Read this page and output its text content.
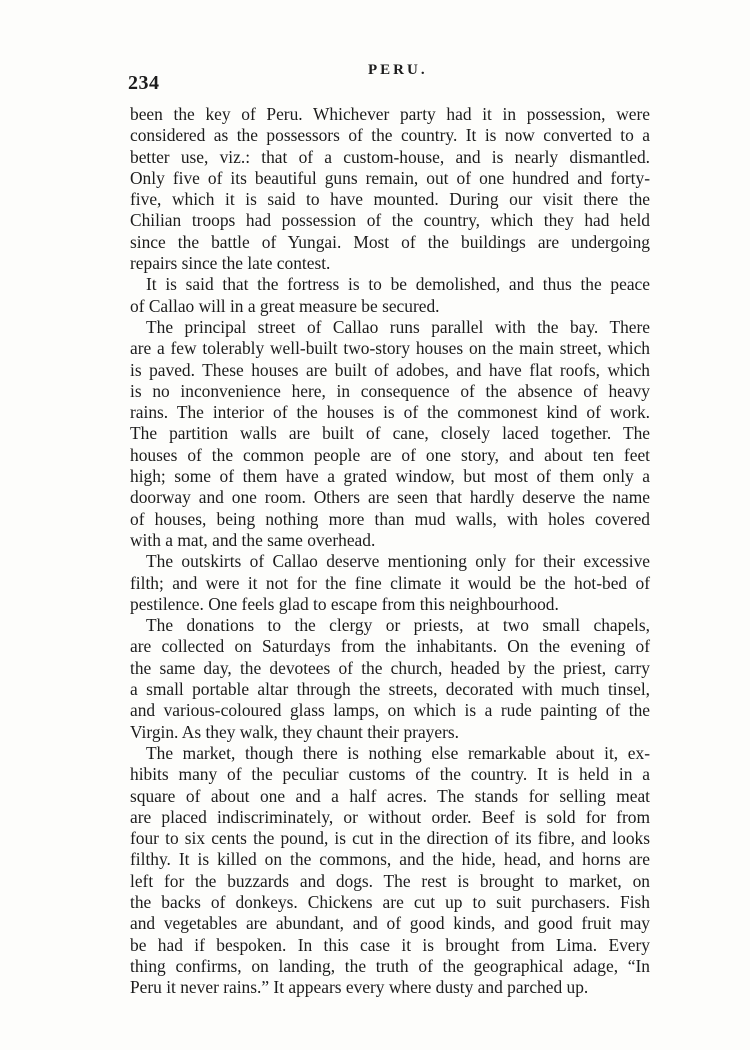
234
PERU.
been the key of Peru. Whichever party had it in possession, were
considered as the possessors of the country. It is now converted to a
better use, viz.: that of a custom-house, and is nearly dismantled.
Only five of its beautiful guns remain, out of one hundred and forty-
five, which it is said to have mounted. During our visit there the
Chilian troops had possession of the country, which they had held
since the battle of Yungai. Most of the buildings are undergoing
repairs since the late contest.
It is said that the fortress is to be demolished, and thus the peace
of Callao will in a great measure be secured.
The principal street of Callao runs parallel with the bay. There
are a few tolerably well-built two-story houses on the main street, which
is paved. These houses are built of adobes, and have flat roofs, which
is no inconvenience here, in consequence of the absence of heavy
rains. The interior of the houses is of the commonest kind of work.
The partition walls are built of cane, closely laced together. The
houses of the common people are of one story, and about ten feet
high; some of them have a grated window, but most of them only a
doorway and one room. Others are seen that hardly deserve the name
of houses, being nothing more than mud walls, with holes covered
with a mat, and the same overhead.
The outskirts of Callao deserve mentioning only for their excessive
filth; and were it not for the fine climate it would be the hot-bed of
pestilence. One feels glad to escape from this neighbourhood.
The donations to the clergy or priests, at two small chapels,
are collected on Saturdays from the inhabitants. On the evening of
the same day, the devotees of the church, headed by the priest, carry
a small portable altar through the streets, decorated with much tinsel,
and various-coloured glass lamps, on which is a rude painting of the
Virgin. As they walk, they chaunt their prayers.
The market, though there is nothing else remarkable about it, ex-
hibits many of the peculiar customs of the country. It is held in a
square of about one and a half acres. The stands for selling meat
are placed indiscriminately, or without order. Beef is sold for from
four to six cents the pound, is cut in the direction of its fibre, and looks
filthy. It is killed on the commons, and the hide, head, and horns are
left for the buzzards and dogs. The rest is brought to market, on
the backs of donkeys. Chickens are cut up to suit purchasers. Fish
and vegetables are abundant, and of good kinds, and good fruit may
be had if bespoken. In this case it is brought from Lima. Every
thing confirms, on landing, the truth of the geographical adage, “In
Peru it never rains.” It appears every where dusty and parched up.
